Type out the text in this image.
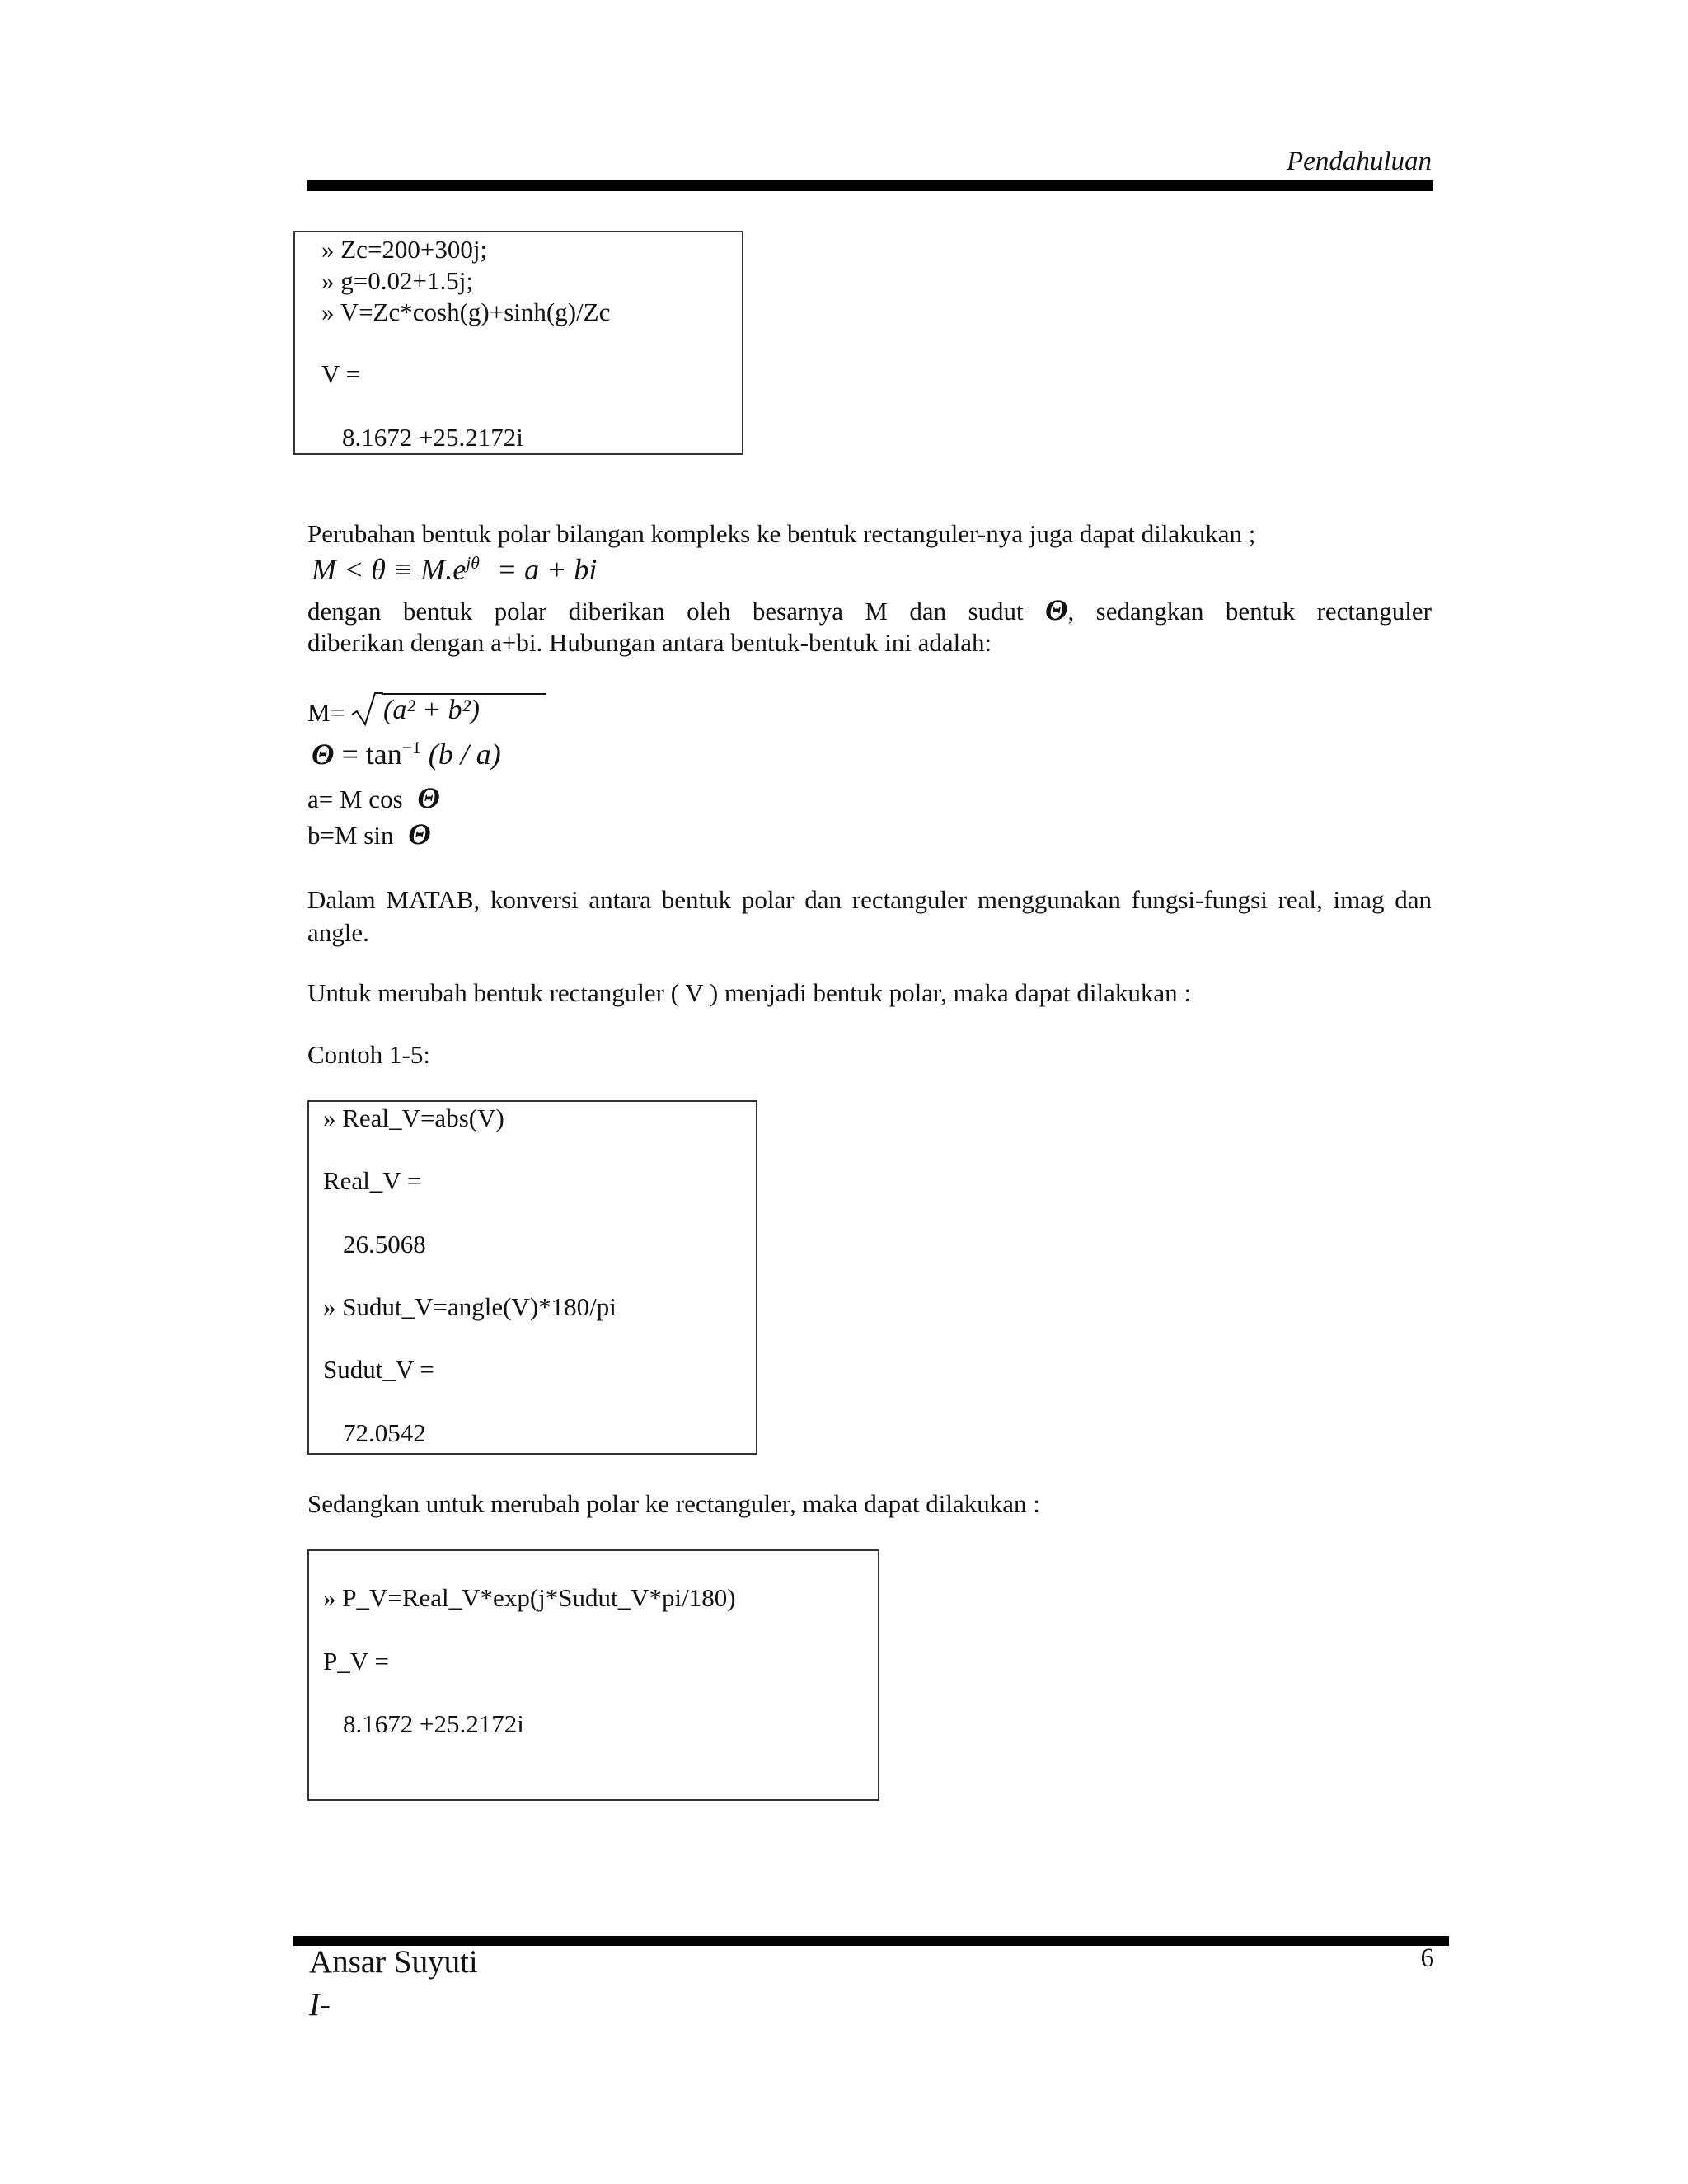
Pendahuluan
» Zc=200+300j;
» g=0.02+1.5j;
» V=Zc*cosh(g)+sinh(g)/Zc
V =
8.1672 +25.2172i
Perubahan bentuk polar bilangan kompleks ke bentuk rectanguler-nya juga dapat dilakukan ;
$M < \theta \equiv M.e^{j\theta} = a$ + bi
dengan bentuk polar diberikan oleh besarnya M dan sudut Θ, sedangkan bentuk rectanguler
diberikan dengan a+bi. Hubungan antara bentuk-bentuk ini adalah:
M= (a² + b²)
$\Theta = \tan^{-1} (b / a)$
a= M cos Θ
b=M sin Θ
Dalam MATAB, konversi antara bentuk polar dan rectanguler menggunakan fungsi-fungsi real, imag dan angle.
Untuk merubah bentuk rectanguler ( V ) menjadi bentuk polar, maka dapat dilakukan :
Contoh 1-5:
» Real_V=abs(V)
Real_V =
26.5068
» Sudut_V=angle(V)*180/pi
Sudut_V =
72.0542
Sedangkan untuk merubah polar ke rectanguler, maka dapat dilakukan :
» P_V=Real_V*exp(j*Sudut_V*pi/180)
P_V =
8.1672 +25.2172i
Ansar Suyuti
I-
6
